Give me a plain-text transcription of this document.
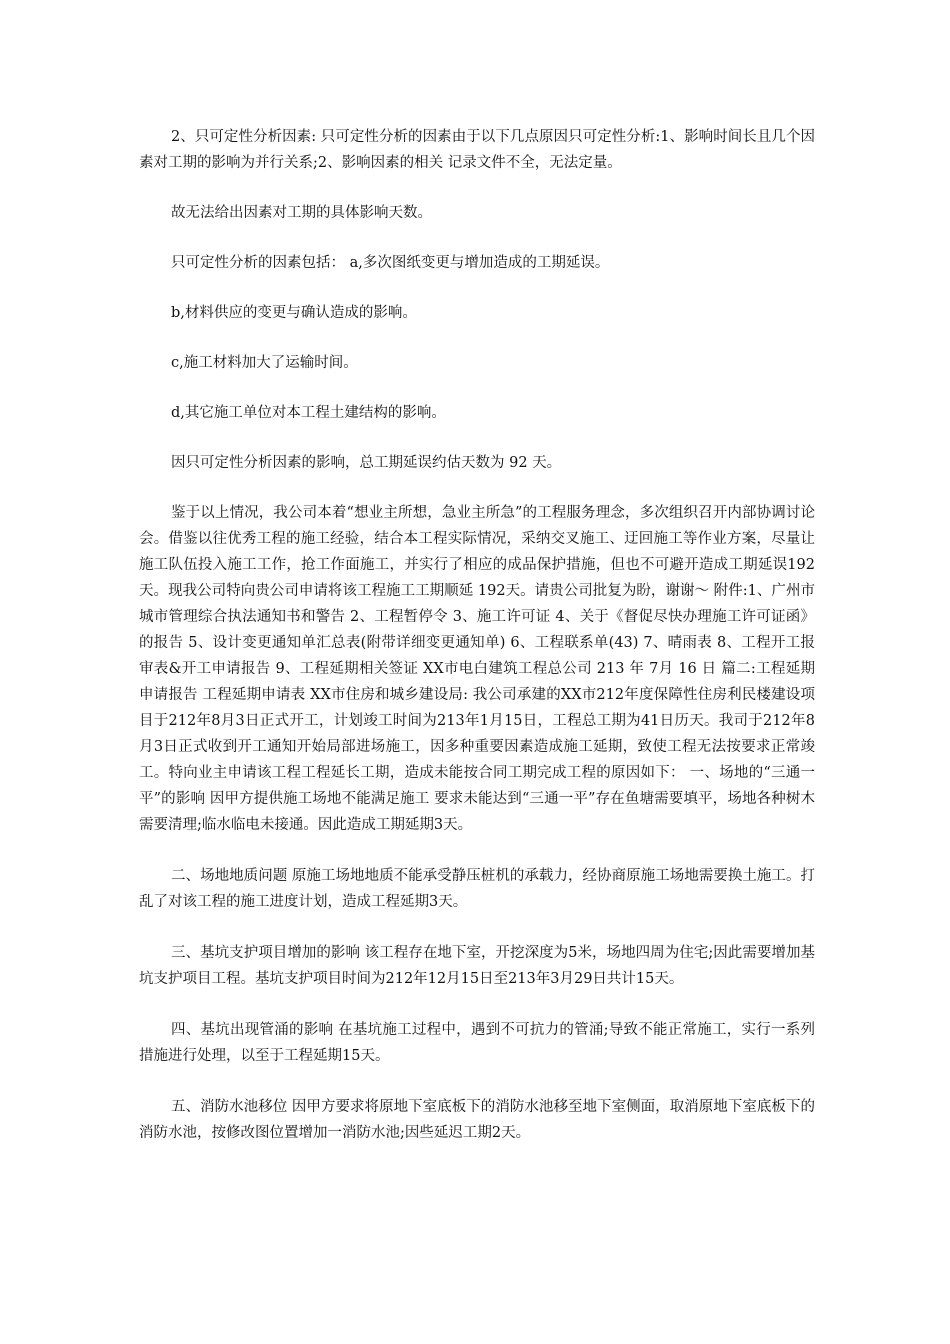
2、只可定性分析因素: 只可定性分析的因素由于以下几点原因只可定性分析:1、影响时间长且几个因素对工期的影响为并行关系;2、影响因素的相关 记录文件不全，无法定量。

故无法给出因素对工期的具体影响天数。

只可定性分析的因素包括： a,多次图纸变更与增加造成的工期延误。

b,材料供应的变更与确认造成的影响。

c,施工材料加大了运输时间。

d,其它施工单位对本工程土建结构的影响。

因只可定性分析因素的影响，总工期延误约估天数为 92 天。

鉴于以上情况，我公司本着“想业主所想，急业主所急”的工程服务理念，多次组织召开内部协调讨论会。借鉴以往优秀工程的施工经验，结合本工程实际情况，采纳交叉施工、迂回施工等作业方案，尽量让施工队伍投入施工工作，抢工作面施工，并实行了相应的成品保护措施，但也不可避开造成工期延误192天。现我公司特向贵公司申请将该工程施工工期顺延 192天。请贵公司批复为盼，谢谢～ 附件:1、广州市城市管理综合执法通知书和警告 2、工程暂停令 3、施工许可证 4、关于《督促尽快办理施工许可证函》的报告 5、设计变更通知单汇总表(附带详细变更通知单) 6、工程联系单(43) 7、晴雨表 8、工程开工报审表&开工申请报告 9、工程延期相关签证 XX市电白建筑工程总公司 213 年 7月 16 日 篇二:工程延期申请报告 工程延期申请表 XX市住房和城乡建设局: 我公司承建的XX市212年度保障性住房利民楼建设项目于212年8月3日正式开工，计划竣工时间为213年1月15日，工程总工期为41日历天。我司于212年8月3日正式收到开工通知开始局部进场施工，因多种重要因素造成施工延期，致使工程无法按要求正常竣工。特向业主申请该工程工程延长工期，造成未能按合同工期完成工程的原因如下： 一、场地的“三通一平”的影响 因甲方提供施工场地不能满足施工 要求未能达到“三通一平”存在鱼塘需要填平，场地各种树木需要清理;临水临电未接通。因此造成工期延期3天。

二、场地地质问题 原施工场地地质不能承受静压桩机的承载力，经协商原施工场地需要换土施工。打乱了对该工程的施工进度计划，造成工程延期3天。

三、基坑支护项目增加的影响 该工程存在地下室，开挖深度为5米，场地四周为住宅;因此需要增加基坑支护项目工程。基坑支护项目时间为212年12月15日至213年3月29日共计15天。

四、基坑出现管涌的影响 在基坑施工过程中，遇到不可抗力的管涌;导致不能正常施工，实行一系列措施进行处理，以至于工程延期15天。

五、消防水池移位 因甲方要求将原地下室底板下的消防水池移至地下室侧面，取消原地下室底板下的消防水池，按修改图位置增加一消防水池;因些延迟工期2天。
